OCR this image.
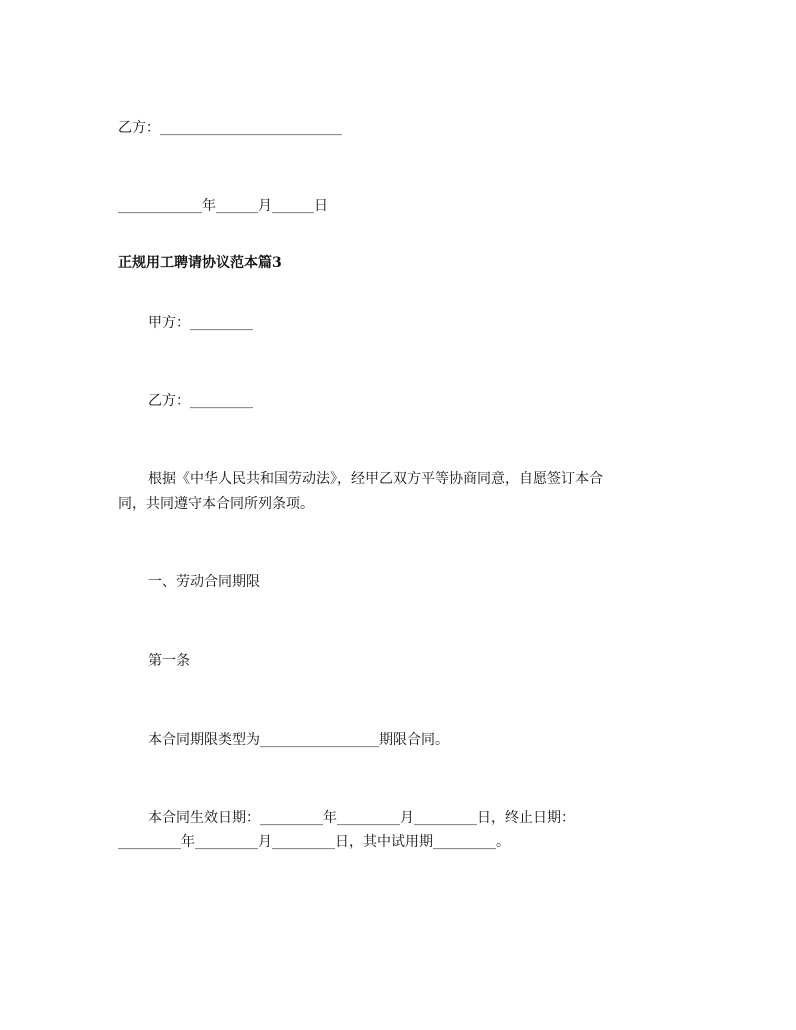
乙方：__________________________
____________年______月______日
正规用工聘请协议范本篇3
甲方：_________
乙方：_________
根据《中华人民共和国劳动法》，经甲乙双方平等协商同意，自愿签订本合
同，共同遵守本合同所列条项。
一、劳动合同期限
第一条
本合同期限类型为_________________期限合同。
本合同生效日期：_________年_________月_________日，终止日期：
_________年_________月_________日，其中试用期_________。
